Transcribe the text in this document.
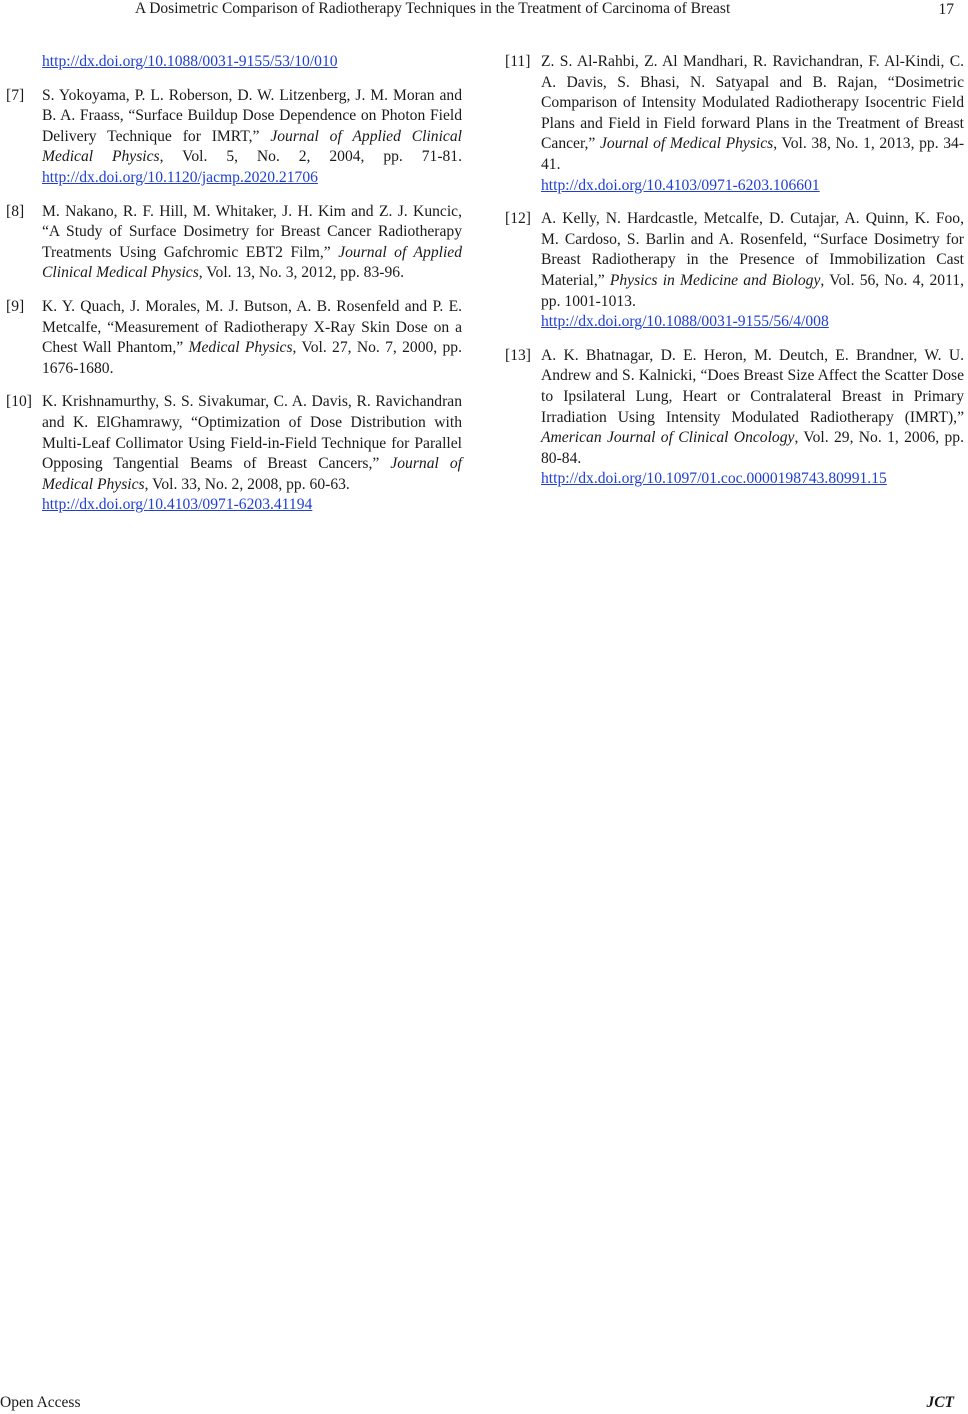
A Dosimetric Comparison of Radiotherapy Techniques in the Treatment of Carcinoma of Breast	17
http://dx.doi.org/10.1088/0031-9155/53/10/010
[7] S. Yokoyama, P. L. Roberson, D. W. Litzenberg, J. M. Moran and B. A. Fraass, “Surface Buildup Dose Dependence on Photon Field Delivery Technique for IMRT,” Journal of Applied Clinical Medical Physics, Vol. 5, No. 2, 2004, pp. 71-81. http://dx.doi.org/10.1120/jacmp.2020.21706
[8] M. Nakano, R. F. Hill, M. Whitaker, J. H. Kim and Z. J. Kuncic, “A Study of Surface Dosimetry for Breast Cancer Radiotherapy Treatments Using Gafchromic EBT2 Film,” Journal of Applied Clinical Medical Physics, Vol. 13, No. 3, 2012, pp. 83-96.
[9] K. Y. Quach, J. Morales, M. J. Butson, A. B. Rosenfeld and P. E. Metcalfe, “Measurement of Radiotherapy X-Ray Skin Dose on a Chest Wall Phantom,” Medical Physics, Vol. 27, No. 7, 2000, pp. 1676-1680.
[10] K. Krishnamurthy, S. S. Sivakumar, C. A. Davis, R. Ravichandran and K. ElGhamrawy, “Optimization of Dose Distribution with Multi-Leaf Collimator Using Field-in-Field Technique for Parallel Opposing Tangential Beams of Breast Cancers,” Journal of Medical Physics, Vol. 33, No. 2, 2008, pp. 60-63.
http://dx.doi.org/10.4103/0971-6203.41194
[11] Z. S. Al-Rahbi, Z. Al Mandhari, R. Ravichandran, F. Al-Kindi, C. A. Davis, S. Bhasi, N. Satyapal and B. Rajan, “Dosimetric Comparison of Intensity Modulated Radiotherapy Isocentric Field Plans and Field in Field forward Plans in the Treatment of Breast Cancer,” Journal of Medical Physics, Vol. 38, No. 1, 2013, pp. 34-41.
http://dx.doi.org/10.4103/0971-6203.106601
[12] A. Kelly, N. Hardcastle, Metcalfe, D. Cutajar, A. Quinn, K. Foo, M. Cardoso, S. Barlin and A. Rosenfeld, “Surface Dosimetry for Breast Radiotherapy in the Presence of Immobilization Cast Material,” Physics in Medicine and Biology, Vol. 56, No. 4, 2011, pp. 1001-1013.
http://dx.doi.org/10.1088/0031-9155/56/4/008
[13] A. K. Bhatnagar, D. E. Heron, M. Deutch, E. Brandner, W. U. Andrew and S. Kalnicki, “Does Breast Size Affect the Scatter Dose to Ipsilateral Lung, Heart or Contralateral Breast in Primary Irradiation Using Intensity Modulated Radiotherapy (IMRT),” American Journal of Clinical Oncology, Vol. 29, No. 1, 2006, pp. 80-84.
http://dx.doi.org/10.1097/01.coc.0000198743.80991.15
Open Access	JCT
